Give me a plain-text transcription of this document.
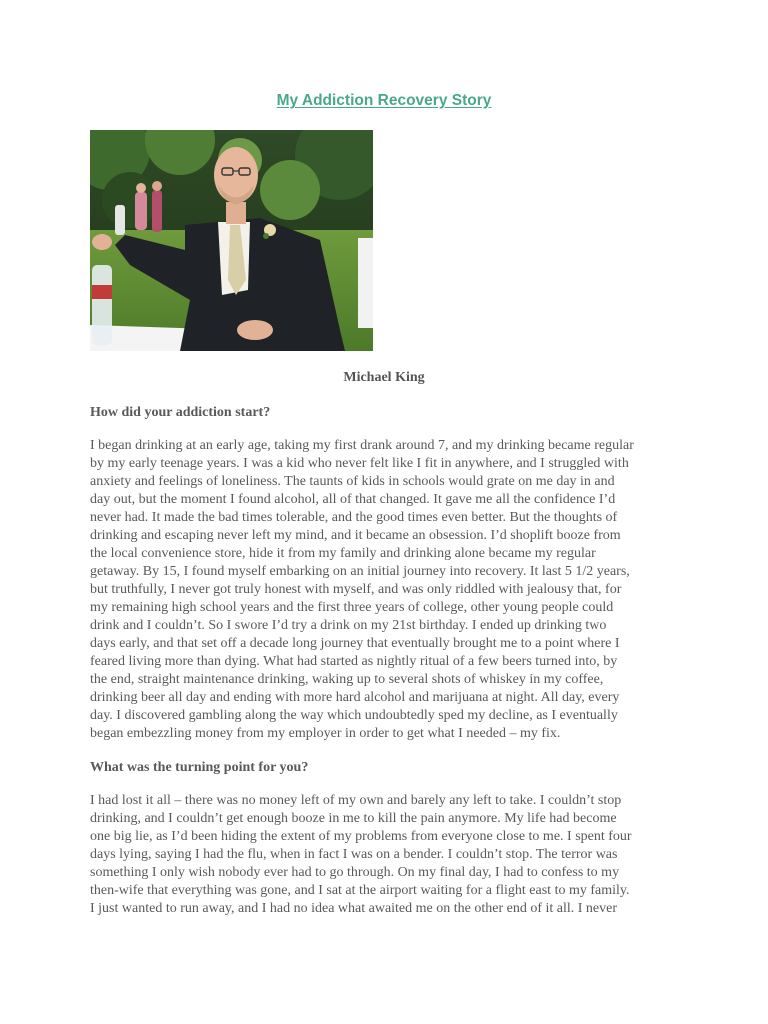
My Addiction Recovery Story

Michael King

How did your addiction start?

I began drinking at an early age, taking my first drank around 7, and my drinking became regular
by my early teenage years. I was a kid who never felt like I fit in anywhere, and I struggled with
anxiety and feelings of loneliness. The taunts of kids in schools would grate on me day in and
day out, but the moment I found alcohol, all of that changed. It gave me all the confidence I’d
never had. It made the bad times tolerable, and the good times even better. But the thoughts of
drinking and escaping never left my mind, and it became an obsession. I’d shoplift booze from
the local convenience store, hide it from my family and drinking alone became my regular
getaway. By 15, I found myself embarking on an initial journey into recovery. It last 5 1/2 years,
but truthfully, I never got truly honest with myself, and was only riddled with jealousy that, for
my remaining high school years and the first three years of college, other young people could
drink and I couldn’t. So I swore I’d try a drink on my 21st birthday. I ended up drinking two
days early, and that set off a decade long journey that eventually brought me to a point where I
feared living more than dying. What had started as nightly ritual of a few beers turned into, by
the end, straight maintenance drinking, waking up to several shots of whiskey in my coffee,
drinking beer all day and ending with more hard alcohol and marijuana at night. All day, every
day. I discovered gambling along the way which undoubtedly sped my decline, as I eventually
began embezzling money from my employer in order to get what I needed – my fix.

What was the turning point for you?

I had lost it all – there was no money left of my own and barely any left to take. I couldn’t stop
drinking, and I couldn’t get enough booze in me to kill the pain anymore. My life had become
one big lie, as I’d been hiding the extent of my problems from everyone close to me. I spent four
days lying, saying I had the flu, when in fact I was on a bender. I couldn’t stop. The terror was
something I only wish nobody ever had to go through. On my final day, I had to confess to my
then-wife that everything was gone, and I sat at the airport waiting for a flight east to my family.
I just wanted to run away, and I had no idea what awaited me on the other end of it all. I never
